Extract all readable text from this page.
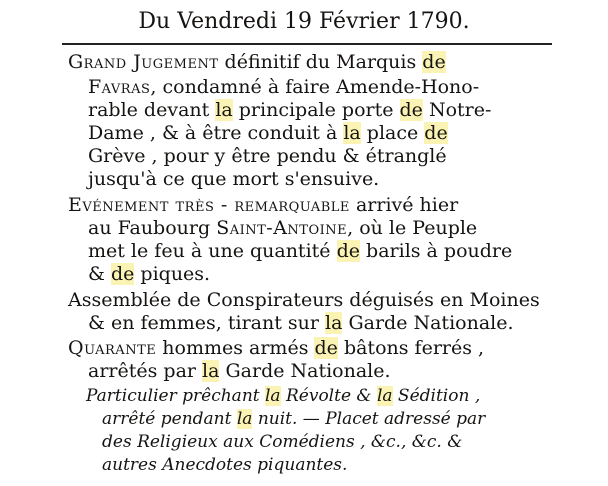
Du Vendredi 19 Février 1790.
Grand Jugement définitif du Marquis de
Favras, condamné à faire Amende-Hono-
rable devant la principale porte de Notre-
Dame , & à être conduit à la place de
Grève , pour y être pendu & étranglé
jusqu'à ce que mort s'ensuive.
Evénement très - remarquable arrivé hier
au Faubourg Saint-Antoine, où le Peuple
met le feu à une quantité de barils à poudre
& de piques.
Assemblée de Conspirateurs déguisés en Moines
& en femmes, tirant sur la Garde Nationale.
Quarante hommes armés de bâtons ferrés ,
arrêtés par la Garde Nationale.
Particulier prêchant la Révolte & la Sédition ,
arrêté pendant la nuit. — Placet adressé par
des Religieux aux Comédiens , &c., &c. &
autres Anecdotes piquantes.
